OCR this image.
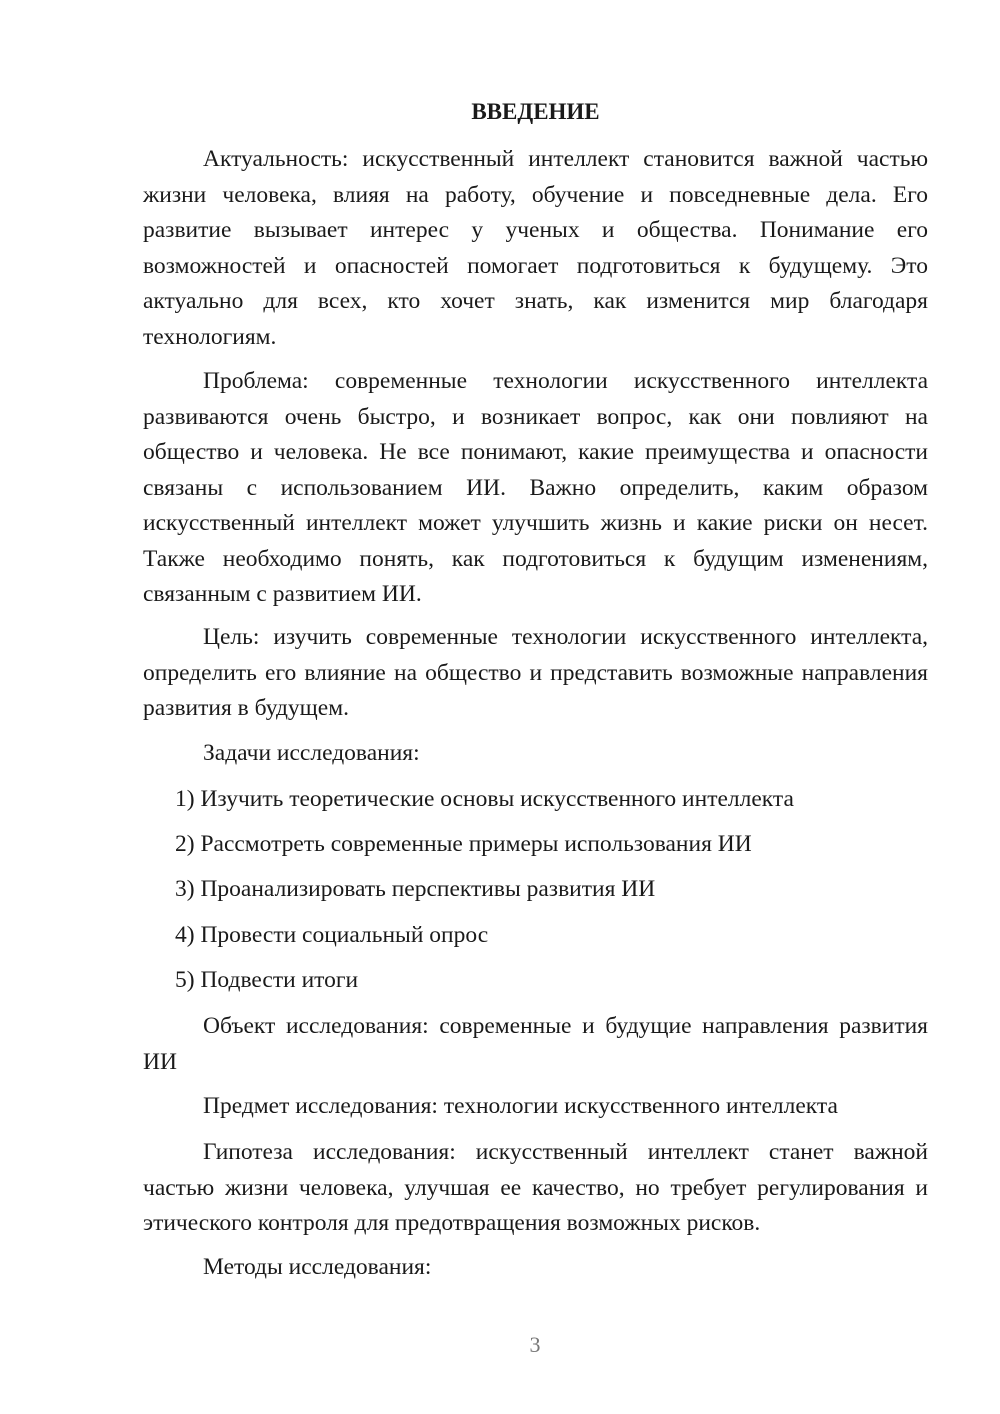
ВВЕДЕНИЕ

Актуальность: искусственный интеллект становится важной частью жизни человека, влияя на работу, обучение и повседневные дела. Его развитие вызывает интерес у ученых и общества. Понимание его возможностей и опасностей помогает подготовиться к будущему. Это актуально для всех, кто хочет знать, как изменится мир благодаря технологиям.

Проблема: современные технологии искусственного интеллекта развиваются очень быстро, и возникает вопрос, как они повлияют на общество и человека. Не все понимают, какие преимущества и опасности связаны с использованием ИИ. Важно определить, каким образом искусственный интеллект может улучшить жизнь и какие риски он несет. Также необходимо понять, как подготовиться к будущим изменениям, связанным с развитием ИИ.

Цель: изучить современные технологии искусственного интеллекта, определить его влияние на общество и представить возможные направления развития в будущем.

Задачи исследования:

1) Изучить теоретические основы искусственного интеллекта

2) Рассмотреть современные примеры использования ИИ

3) Проанализировать перспективы развития ИИ

4) Провести социальный опрос

5) Подвести итоги

Объект исследования: современные и будущие направления развития ИИ

Предмет исследования: технологии искусственного интеллекта

Гипотеза исследования: искусственный интеллект станет важной частью жизни человека, улучшая ее качество, но требует регулирования и этического контроля для предотвращения возможных рисков.

Методы исследования:

3
